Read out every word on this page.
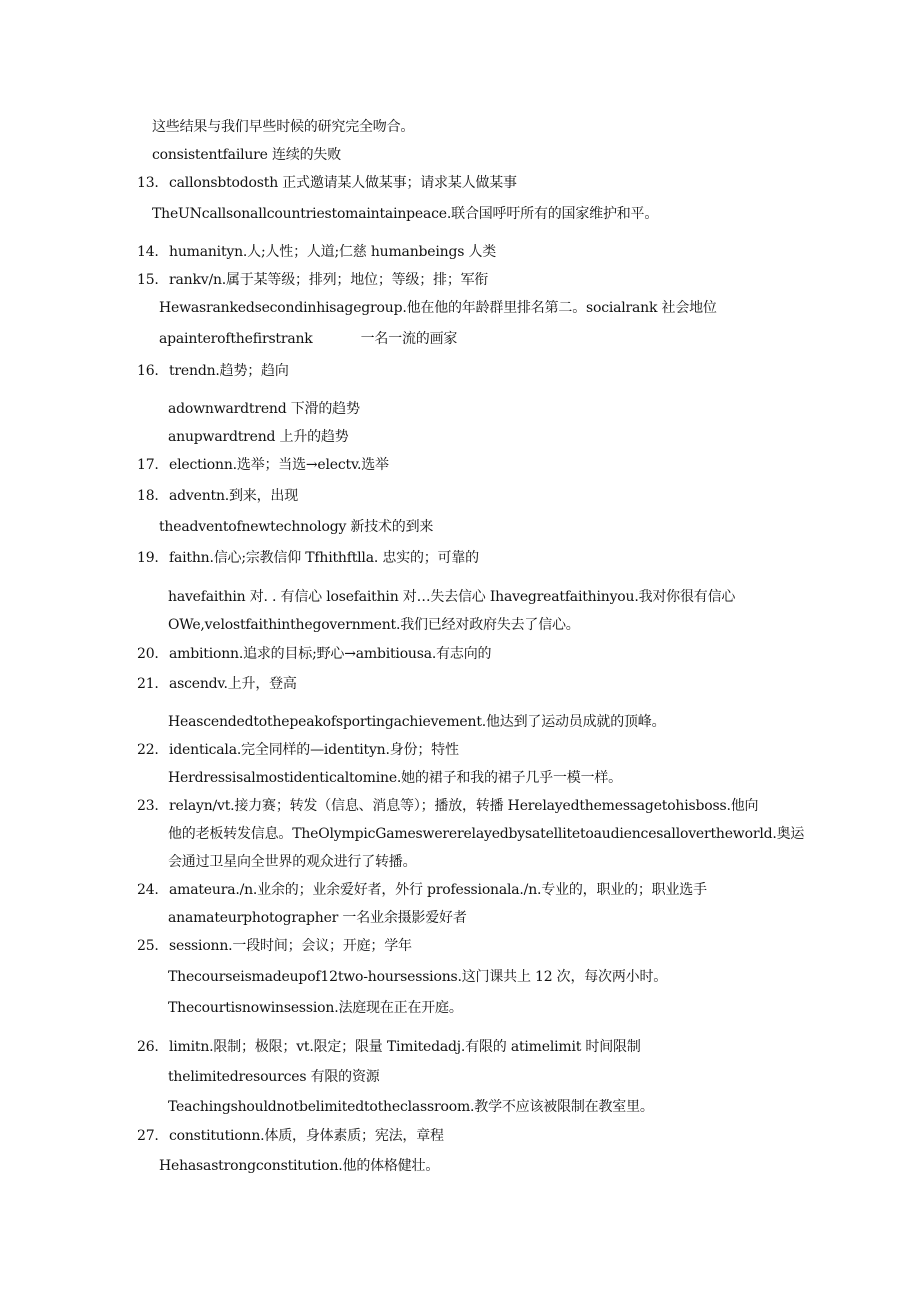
这些结果与我们早些时候的研究完全吻合。
consistentfailure 连续的失败
13. callonsbtodosth 正式邀请某人做某事；请求某人做某事
TheUNcallsonallcountriestomaintainpeace.联合国呼吁所有的国家维护和平。
14. humanityn.人;人性；人道;仁慈 humanbeings 人类
15. rankv∕n.属于某等级；排列；地位；等级；排；军衔
Hewasrankedsecondinhisagegroup.他在他的年龄群里排名第二。socialrank 社会地位
apainterofthefirstrank	一名一流的画家
16. trendn.趋势；趋向
adownwardtrend 下滑的趋势
anupwardtrend 上升的趋势
17. electionn.选举；当选→electv.选举
18. adventn.到来，出现
theadventofnewtechnology 新技术的到来
19. faithn.信心;宗教信仰 Tfhithftlla. 忠实的；可靠的
havefaithin 对. . 有信心 losefaithin 对…失去信心 Ihavegreatfaithinyou.我对你很有信心
OWe,velostfaithinthegovernment.我们已经对政府失去了信心。
20. ambitionn.追求的目标;野心→ambitiousa.有志向的
21. ascendv.上升，登高
Heascendedtothepeakofsportingachievement.他达到了运动员成就的顶峰。
22. identicala.完全同样的—identityn.身份；特性
Herdressisalmostidenticaltomine.她的裙子和我的裙子几乎一模一样。
23. relayn∕vt.接力赛；转发（信息、消息等）；播放，转播 Herelayedthemessagetohisboss.他向
他的老板转发信息。TheOlympicGameswererelayedbysatellitetoaudiencesallovertheworld.奥运
会通过卫星向全世界的观众进行了转播。
24. amateura./n.业余的；业余爱好者，外行 professionala./n.专业的，职业的；职业选手
anamateurphotographer 一名业余摄影爱好者
25. sessionn.一段时间；会议；开庭；学年
Thecourseismadeupof12two-hoursessions.这门课共上 12 次，每次两小时。
Thecourtisnowinsession.法庭现在正在开庭。
26. limitn.限制；极限；vt.限定；限量 Timitedadj.有限的 atimelimit 时间限制
thelimitedresources 有限的资源
Teachingshouldnotbelimitedtotheclassroom.教学不应该被限制在教室里。
27. constitutionn.体质，身体素质；宪法，章程
Hehasastrongconstitution.他的体格健壮。
